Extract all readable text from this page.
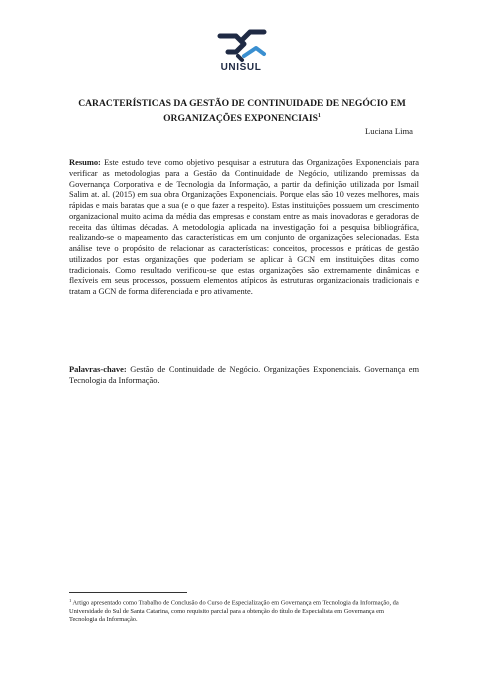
UNISUL
CARACTERÍSTICAS DA GESTÃO DE CONTINUIDADE DE NEGÓCIO EM ORGANIZAÇÕES EXPONENCIAIS$^1$
Luciana Lima
Resumo: Este estudo teve como objetivo pesquisar a estrutura das Organizações Exponenciais para verificar as metodologias para a Gestão da Continuidade de Negócio, utilizando premissas da Governança Corporativa e de Tecnologia da Informação, a partir da definição utilizada por Ismail Salim at. al. (2015) em sua obra Organizações Exponenciais. Porque elas são 10 vezes melhores, mais rápidas e mais baratas que a sua (e o que fazer a respeito). Estas instituições possuem um crescimento organizacional muito acima da média das empresas e constam entre as mais inovadoras e geradoras de receita das últimas décadas. A metodologia aplicada na investigação foi a pesquisa bibliográfica, realizando-se o mapeamento das características em um conjunto de organizações selecionadas. Esta análise teve o propósito de relacionar as características: conceitos, processos e práticas de gestão utilizados por estas organizações que poderiam se aplicar à GCN em instituições ditas como tradicionais. Como resultado verificou-se que estas organizações são extremamente dinâmicas e flexíveis em seus processos, possuem elementos atípicos às estruturas organizacionais tradicionais e tratam a GCN de forma diferenciada e pro ativamente.
Palavras-chave: Gestão de Continuidade de Negócio. Organizações Exponenciais. Governança em Tecnologia da Informação.
$^1$ Artigo apresentado como Trabalho de Conclusão do Curso de Especialização em Governança em Tecnologia da Informação, da Universidade do Sul de Santa Catarina, como requisito parcial para a obtenção do título de Especialista em Governança em Tecnologia da Informação.
